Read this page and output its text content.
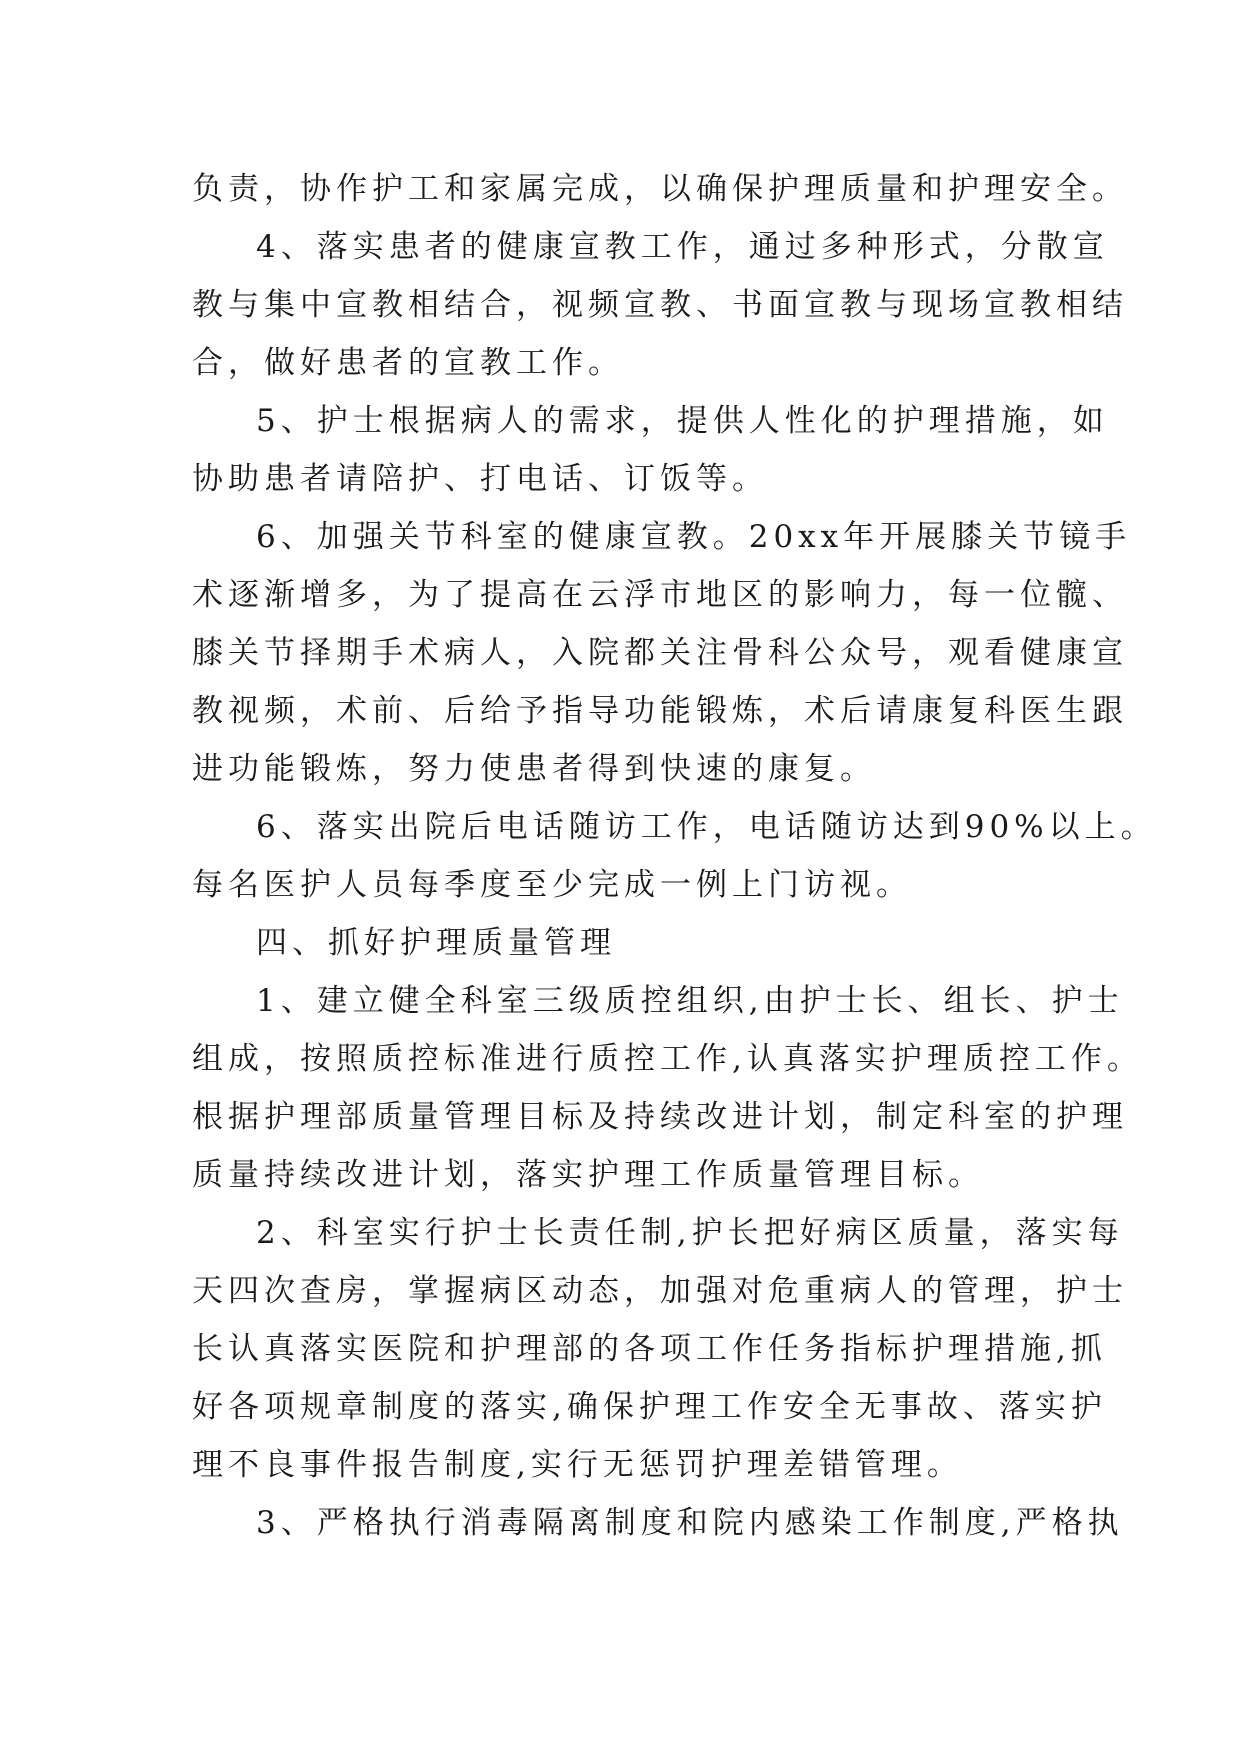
负责，协作护工和家属完成，以确保护理质量和护理安全。
4、落实患者的健康宣教工作，通过多种形式，分散宣
教与集中宣教相结合，视频宣教、书面宣教与现场宣教相结
合，做好患者的宣教工作。
5、护士根据病人的需求，提供人性化的护理措施，如
协助患者请陪护、打电话、订饭等。
6、加强关节科室的健康宣教。20xx年开展膝关节镜手
术逐渐增多，为了提高在云浮市地区的影响力，每一位髋、
膝关节择期手术病人，入院都关注骨科公众号，观看健康宣
教视频，术前、后给予指导功能锻炼，术后请康复科医生跟
进功能锻炼，努力使患者得到快速的康复。
6、落实出院后电话随访工作，电话随访达到90%以上。
每名医护人员每季度至少完成一例上门访视。
四、抓好护理质量管理
1、建立健全科室三级质控组织,由护士长、组长、护士
组成，按照质控标准进行质控工作,认真落实护理质控工作。
根据护理部质量管理目标及持续改进计划，制定科室的护理
质量持续改进计划，落实护理工作质量管理目标。
2、科室实行护士长责任制,护长把好病区质量，落实每
天四次查房，掌握病区动态，加强对危重病人的管理，护士
长认真落实医院和护理部的各项工作任务指标护理措施,抓
好各项规章制度的落实,确保护理工作安全无事故、落实护
理不良事件报告制度,实行无惩罚护理差错管理。
3、严格执行消毒隔离制度和院内感染工作制度,严格执
